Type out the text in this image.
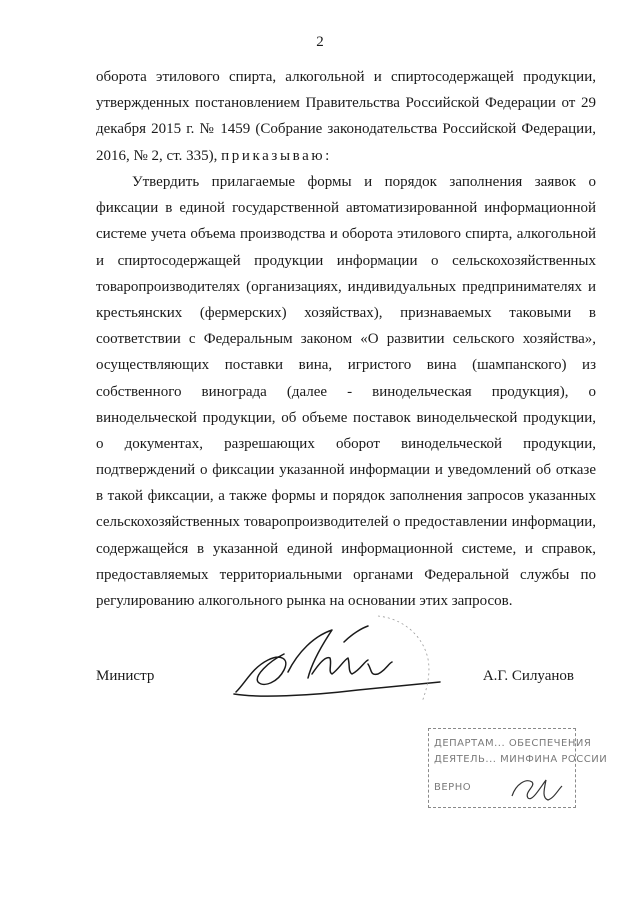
2
оборота этилового спирта, алкогольной и спиртосодержащей продукции,
утвержденных постановлением Правительства Российской Федерации от 29
декабря 2015 г. № 1459 (Собрание законодательства Российской Федерации,
2016, № 2, ст. 335), приказываю:
Утвердить прилагаемые формы и порядок заполнения заявок о
фиксации в единой государственной автоматизированной информационной
системе учета объема производства и оборота этилового спирта, алкогольной
и спиртосодержащей продукции информации о сельскохозяйственных
товаропроизводителях (организациях, индивидуальных предпринимателях и
крестьянских (фермерских) хозяйствах), признаваемых таковыми в
соответствии с Федеральным законом «О развитии сельского хозяйства»,
осуществляющих поставки вина, игристого вина (шампанского) из
собственного винограда (далее - винодельческая продукция), о
винодельческой продукции, об объеме поставок винодельческой продукции,
о документах, разрешающих оборот винодельческой продукции,
подтверждений о фиксации указанной информации и уведомлений об отказе
в такой фиксации, а также формы и порядок заполнения запросов указанных
сельскохозяйственных товаропроизводителей о предоставлении информации,
содержащейся в указанной единой информационной системе, и справок,
предоставляемых территориальными органами Федеральной службы по
регулированию алкогольного рынка на основании этих запросов.
Министр	А.Г. Силуанов
ДЕПАРТАМ... ОБЕСПЕЧЕНИЯ
ДЕЯТЕЛЬ... МИНФИНА РОССИИ
ВЕРНО
